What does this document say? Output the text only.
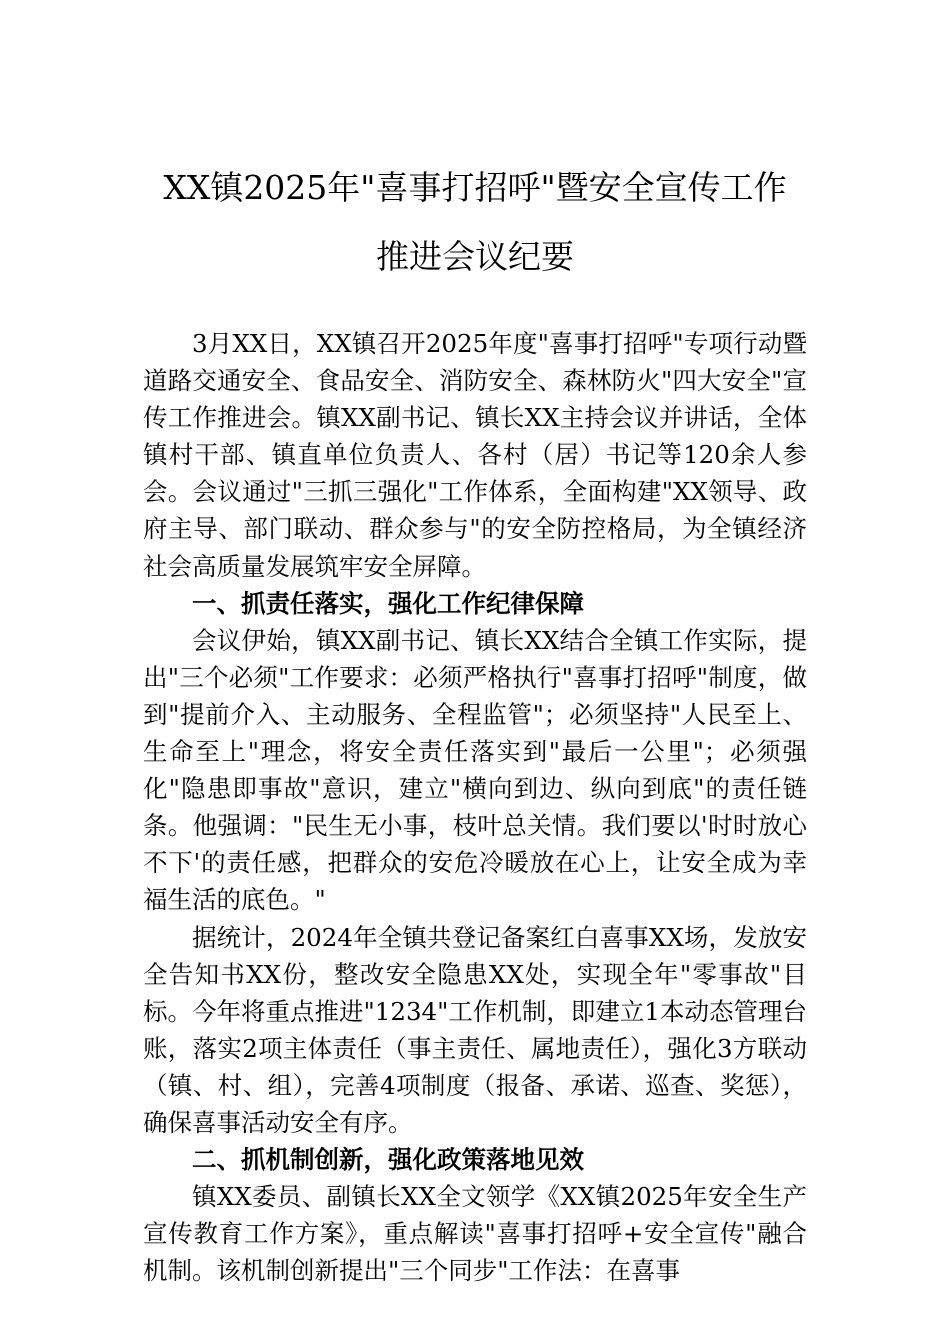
XX镇2025年"喜事打招呼"暨安全宣传工作
推进会议纪要

3月XX日，XX镇召开2025年度"喜事打招呼"专项行动暨道路交通安全、食品安全、消防安全、森林防火"四大安全"宣传工作推进会。镇XX副书记、镇长XX主持会议并讲话，全体镇村干部、镇直单位负责人、各村（居）书记等120余人参会。会议通过"三抓三强化"工作体系，全面构建"XX领导、政府主导、部门联动、群众参与"的安全防控格局，为全镇经济社会高质量发展筑牢安全屏障。

一、抓责任落实，强化工作纪律保障

会议伊始，镇XX副书记、镇长XX结合全镇工作实际，提出"三个必须"工作要求：必须严格执行"喜事打招呼"制度，做到"提前介入、主动服务、全程监管"；必须坚持"人民至上、生命至上"理念，将安全责任落实到"最后一公里"；必须强化"隐患即事故"意识，建立"横向到边、纵向到底"的责任链条。他强调："民生无小事，枝叶总关情。我们要以'时时放心不下'的责任感，把群众的安危冷暖放在心上，让安全成为幸福生活的底色。"

据统计，2024年全镇共登记备案红白喜事XX场，发放安全告知书XX份，整改安全隐患XX处，实现全年"零事故"目标。今年将重点推进"1234"工作机制，即建立1本动态管理台账，落实2项主体责任（事主责任、属地责任），强化3方联动（镇、村、组），完善4项制度（报备、承诺、巡查、奖惩），确保喜事活动安全有序。

二、抓机制创新，强化政策落地见效

镇XX委员、副镇长XX全文领学《XX镇2025年安全生产宣传教育工作方案》，重点解读"喜事打招呼+安全宣传"融合机制。该机制创新提出"三个同步"工作法：在喜事
